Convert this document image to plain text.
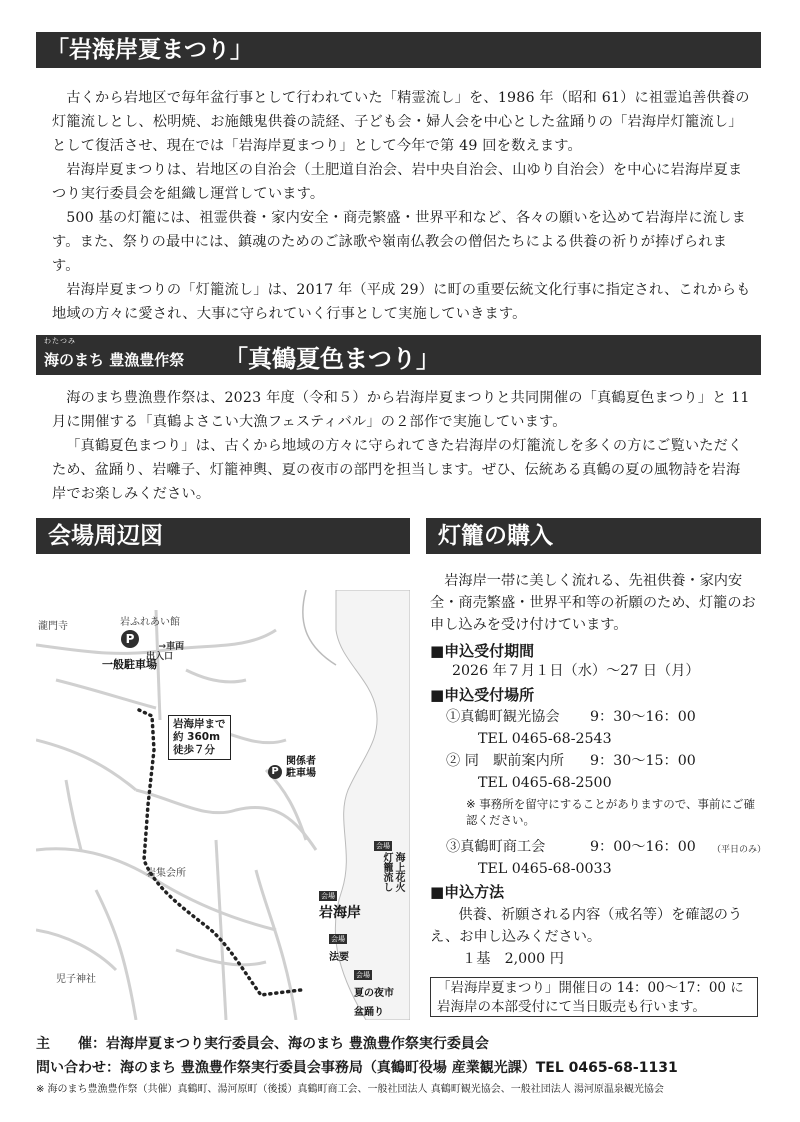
「岩海岸夏まつり」

古くから岩地区で毎年盆行事として行われていた「精霊流し」を、1986 年（昭和 61）に祖霊追善供養の灯籠流しとし、松明焼、お施餓鬼供養の読経、子ども会・婦人会を中心とした盆踊りの「岩海岸灯籠流し」として復活させ、現在では「岩海岸夏まつり」として今年で第 49 回を数えます。

岩海岸夏まつりは、岩地区の自治会（土肥道自治会、岩中央自治会、山ゆり自治会）を中心に岩海岸夏まつり実行委員会を組織し運営しています。

500 基の灯籠には、祖霊供養・家内安全・商売繁盛・世界平和など、各々の願いを込めて岩海岸に流します。また、祭りの最中には、鎮魂のためのご詠歌や嶺南仏教会の僧侶たちによる供養の祈りが捧げられます。

岩海岸夏まつりの「灯籠流し」は、2017 年（平成 29）に町の重要伝統文化行事に指定され、これからも地域の方々に愛され、大事に守られていく行事として実施していきます。

わたつみ
海のまち 豊漁豊作祭 「真鶴夏色まつり」

海のまち豊漁豊作祭は、2023 年度（令和５）から岩海岸夏まつりと共同開催の「真鶴夏色まつり」と 11 月に開催する「真鶴よさこい大漁フェスティバル」の２部作で実施しています。

「真鶴夏色まつり」は、古くから地域の方々に守られてきた岩海岸の灯籠流しを多くの方にご覧いただくため、盆踊り、岩囃子、灯籠神輿、夏の夜市の部門を担当します。ぜひ、伝統ある真鶴の夏の風物詩を岩海岸でお楽しみください。

会場周辺図
瀧門寺	岩ふれあい館
P

→車両
出入口

一般駐車場
岩海岸まで
約 360m
徒歩７分
P
関係者
駐車場
岩集会所
児子神社
会場
岩海岸
会場
海上花火
灯籠流し
会場
法要
会場
夏の夜市
盆踊り
灯籠の購入
岩海岸一帯に美しく流れる、先祖供養・家内安全・商売繁盛・世界平和等の祈願のため、灯籠のお申し込みを受け付けています。
■申込受付期間
2026 年７月１日（水）〜27 日（月）
■申込受付場所
①真鶴町観光協会 9：30〜16：00
TEL 0465-68-2543
② 同　駅前案内所 9：30〜15：00
TEL 0465-68-2500
※ 事務所を留守にすることがありますので、事前にご確認ください。
③真鶴町商工会	9：00〜16：00 （平日のみ）
TEL 0465-68-0033
■申込方法
供養、祈願される内容（戒名等）を確認のうえ、お申し込みください。
１基　2,000 円
「岩海岸夏まつり」開催日の 14：00〜17：00 に岩海岸の本部受付にて当日販売も行います。
主　　催：岩海岸夏まつり実行委員会、海のまち 豊漁豊作祭実行委員会
問い合わせ：海のまち 豊漁豊作祭実行委員会事務局（真鶴町役場 産業観光課）TEL 0465-68-1131
※ 海のまち豊漁豊作祭（共催）真鶴町、湯河原町（後援）真鶴町商工会、一般社団法人 真鶴町観光協会、一般社団法人 湯河原温泉観光協会
